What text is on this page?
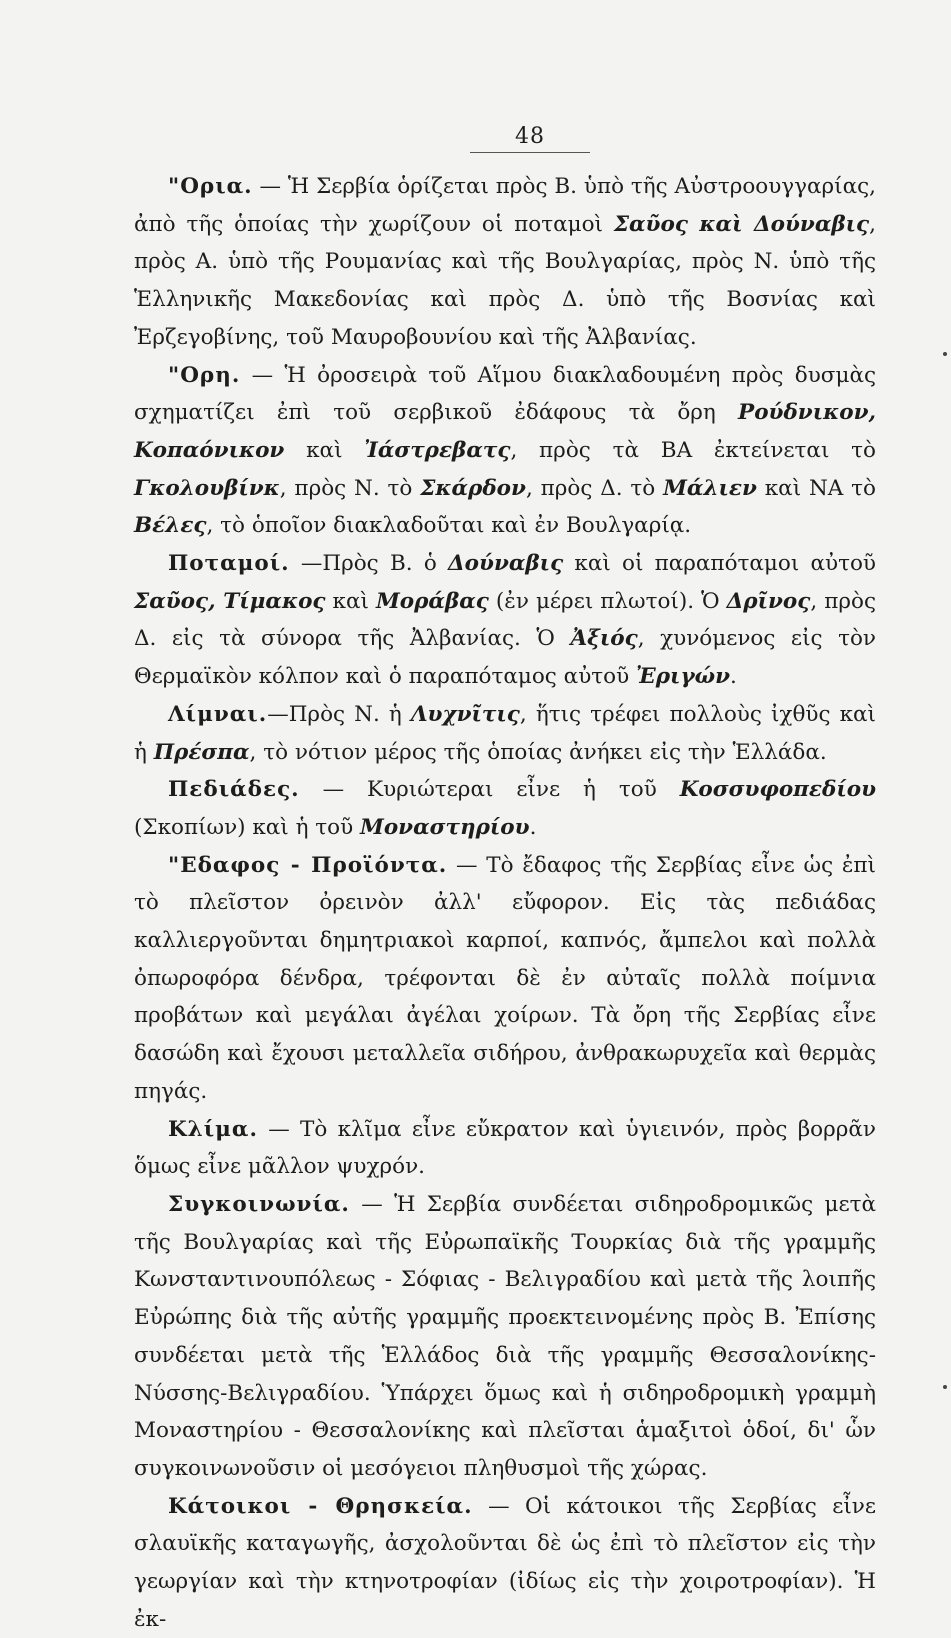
48

"Ορια. — Ἡ Σερβία ὁρίζεται πρὸς Β. ὑπὸ τῆς Αὐστροουγγαρίας, ἀπὸ τῆς ὁποίας τὴν χωρίζουν οἱ ποταμοὶ Σαῦος καὶ Δούναβις, πρὸς Α. ὑπὸ τῆς Ρουμανίας καὶ τῆς Βουλγαρίας, πρὸς Ν. ὑπὸ τῆς Ἑλληνικῆς Μακεδονίας καὶ πρὸς Δ. ὑπὸ τῆς Βοσνίας καὶ Ἐρζεγοβίνης, τοῦ Μαυροβουνίου καὶ τῆς Ἀλβανίας.

"Ορη. — Ἡ ὀροσειρὰ τοῦ Αἵμου διακλαδουμένη πρὸς δυσμὰς σχηματίζει ἐπὶ τοῦ σερβικοῦ ἐδάφους τὰ ὄρη Ρούδνικον, Κοπαόνικον καὶ Ἰάστρεβατς, πρὸς τὰ ΒΑ ἐκτείνεται τὸ Γκολουβίνκ, πρὸς Ν. τὸ Σκάρδον, πρὸς Δ. τὸ Μάλιεν καὶ ΝΑ τὸ Βέλες, τὸ ὁποῖον διακλαδοῦται καὶ ἐν Βουλγαρίᾳ.

Ποταμοί. —Πρὸς Β. ὁ Δούναβις καὶ οἱ παραπόταμοι αὐτοῦ Σαῦος, Τίμακος καὶ Μοράβας (ἐν μέρει πλωτοί). Ὁ Δρῖνος, πρὸς Δ. εἰς τὰ σύνορα τῆς Ἀλβανίας. Ὁ Ἀξιός, χυνόμενος εἰς τὸν Θερμαϊκὸν κόλπον καὶ ὁ παραπόταμος αὐτοῦ Ἐριγών.

Λίμναι.—Πρὸς Ν. ἡ Λυχνῖτις, ἥτις τρέφει πολλοὺς ἰχθῦς καὶ ἡ Πρέσπα, τὸ νότιον μέρος τῆς ὁποίας ἀνήκει εἰς τὴν Ἑλλάδα.

Πεδιάδες. — Κυριώτεραι εἶνε ἡ τοῦ Κοσσυφοπεδίου (Σκοπίων) καὶ ἡ τοῦ Μοναστηρίου.

"Εδαφος - Προϊόντα. — Τὸ ἔδαφος τῆς Σερβίας εἶνε ὡς ἐπὶ τὸ πλεῖστον ὀρεινὸν ἀλλ' εὔφορον. Εἰς τὰς πεδιάδας καλλιεργοῦνται δημητριακοὶ καρποί, καπνός, ἄμπελοι καὶ πολλὰ ὀπωροφόρα δένδρα, τρέφονται δὲ ἐν αὐταῖς πολλὰ ποίμνια προβάτων καὶ μεγάλαι ἀγέλαι χοίρων. Τὰ ὄρη τῆς Σερβίας εἶνε δασώδη καὶ ἔχουσι μεταλλεῖα σιδήρου, ἀνθρακωρυχεῖα καὶ θερμὰς πηγάς.

Κλίμα. — Τὸ κλῖμα εἶνε εὔκρατον καὶ ὑγιεινόν, πρὸς βορρᾶν ὅμως εἶνε μᾶλλον ψυχρόν.

Συγκοινωνία. — Ἡ Σερβία συνδέεται σιδηροδρομικῶς μετὰ τῆς Βουλγαρίας καὶ τῆς Εὐρωπαϊκῆς Τουρκίας διὰ τῆς γραμμῆς Κωνσταντινουπόλεως - Σόφιας - Βελιγραδίου καὶ μετὰ τῆς λοιπῆς Εὐρώπης διὰ τῆς αὐτῆς γραμμῆς προεκτεινομένης πρὸς Β. Ἐπίσης συνδέεται μετὰ τῆς Ἑλλάδος διὰ τῆς γραμμῆς Θεσσαλονίκης-Νύσσης-Βελιγραδίου. Ὑπάρχει ὅμως καὶ ἡ σιδηροδρομικὴ γραμμὴ Μοναστηρίου - Θεσσαλονίκης καὶ πλεῖσται ἁμαξιτοὶ ὁδοί, δι' ὧν συγκοινωνοῦσιν οἱ μεσόγειοι πληθυσμοὶ τῆς χώρας.

Κάτοικοι - Θρησκεία. — Οἱ κάτοικοι τῆς Σερβίας εἶνε σλαυϊκῆς καταγωγῆς, ἀσχολοῦνται δὲ ὡς ἐπὶ τὸ πλεῖστον εἰς τὴν γεωργίαν καὶ τὴν κτηνοτροφίαν (ἰδίως εἰς τὴν χοιροτροφίαν). Ἡ ἐκ-
